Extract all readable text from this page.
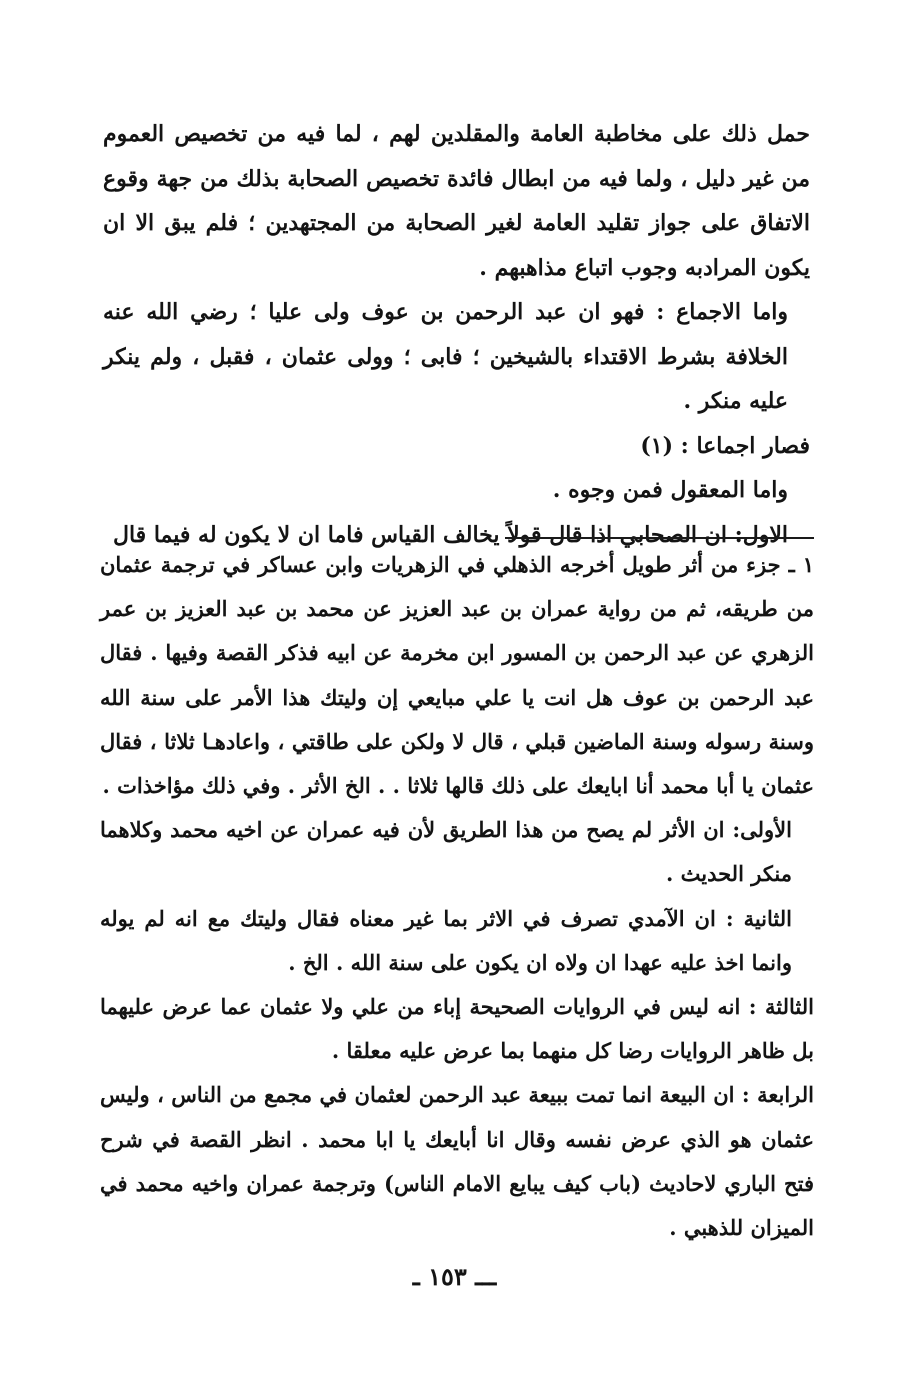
حمل ذلك على مخاطبة العامة والمقلدين لهم ، لما فيه من تخصيص العموم من غير دليل ، ولما فيه من ابطال فائدة تخصيص الصحابة بذلك من جهة وقوع الاتفاق على جواز تقليد العامة لغير الصحابة من المجتهدين ؛ فلم يبق الا ان يكون المرادبه وجوب اتباع مذاهبهم .

واما الاجماع : فهو ان عبد الرحمن بن عوف ولى عليا ؛ رضي الله عنه الخلافة بشرط الاقتداء بالشيخين ؛ فابى ؛ وولى عثمان ، فقبل ، ولم ينكر عليه منكر .

فصار اجماعا : (١)

واما المعقول فمن وجوه .

الاول: ان الصحابي اذا قال قولاً يخالف القياس فاما ان لا يكون له فيما قال

١ ـ جزء من أثر طويل أخرجه الذهلي في الزهريات وابن عساكر في ترجمة عثمان من طريقه، ثم من رواية عمران بن عبد العزيز عن محمد بن عبد العزيز بن عمر الزهري عن عبد الرحمن بن المسور ابن مخرمة عن ابيه فذكر القصة وفيها . فقال عبد الرحمن بن عوف هل انت يا علي مبايعي إن وليتك هذا الأمر على سنة الله وسنة رسوله وسنة الماضين قبلي ، قال لا ولكن على طاقتي ، واعادهـا ثلاثا ، فقال عثمان يا أبا محمد أنا ابايعك على ذلك قالها ثلاثا . . الخ الأثر . وفي ذلك مؤاخذات .

الأولى: ان الأثر لم يصح من هذا الطريق لأن فيه عمران عن اخيه محمد وكلاهما منكر الحديث .

الثانية : ان الآمدي تصرف في الاثر بما غير معناه فقال وليتك مع انه لم يوله وانما اخذ عليه عهدا ان ولاه ان يكون على سنة الله . الخ .

الثالثة : انه ليس في الروايات الصحيحة إباء من علي ولا عثمان عما عرض عليهما بل ظاهر الروايات رضا كل منهما بما عرض عليه معلقا .

الرابعة : ان البيعة انما تمت ببيعة عبد الرحمن لعثمان في مجمع من الناس ، وليس عثمان هو الذي عرض نفسه وقال انا أبايعك يا ابا محمد . انظر القصة في شرح فتح الباري لاحاديث (باب كيف يبايع الامام الناس) وترجمة عمران واخيه محمد في الميزان للذهبي .

ـــ ١٥٣ ـ
